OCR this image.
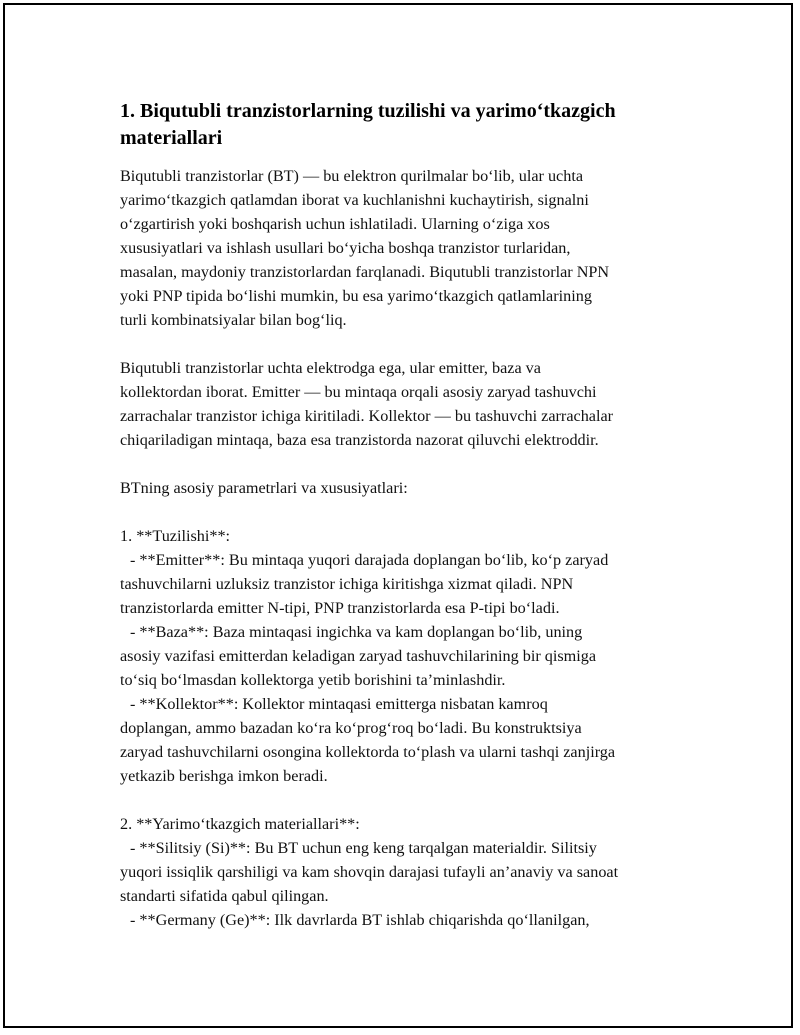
1. Biqutubli tranzistorlarning tuzilishi va yarimo‘tkazgich
materiallari

Biqutubli tranzistorlar (BT) — bu elektron qurilmalar bo‘lib, ular uchta
yarimo‘tkazgich qatlamdan iborat va kuchlanishni kuchaytirish, signalni
o‘zgartirish yoki boshqarish uchun ishlatiladi. Ularning o‘ziga xos
xususiyatlari va ishlash usullari bo‘yicha boshqa tranzistor turlaridan,
masalan, maydoniy tranzistorlardan farqlanadi. Biqutubli tranzistorlar NPN
yoki PNP tipida bo‘lishi mumkin, bu esa yarimo‘tkazgich qatlamlarining
turli kombinatsiyalar bilan bog‘liq.

Biqutubli tranzistorlar uchta elektrodga ega, ular emitter, baza va
kollektordan iborat. Emitter — bu mintaqa orqali asosiy zaryad tashuvchi
zarrachalar tranzistor ichiga kiritiladi. Kollektor — bu tashuvchi zarrachalar
chiqariladigan mintaqa, baza esa tranzistorda nazorat qiluvchi elektroddir.

BTning asosiy parametrlari va xususiyatlari:

1. **Tuzilishi**:
- **Emitter**: Bu mintaqa yuqori darajada doplangan bo‘lib, ko‘p zaryad
tashuvchilarni uzluksiz tranzistor ichiga kiritishga xizmat qiladi. NPN
tranzistorlarda emitter N-tipi, PNP tranzistorlarda esa P-tipi bo‘ladi.
- **Baza**: Baza mintaqasi ingichka va kam doplangan bo‘lib, uning
asosiy vazifasi emitterdan keladigan zaryad tashuvchilarining bir qismiga
to‘siq bo‘lmasdan kollektorga yetib borishini ta’minlashdir.
- **Kollektor**: Kollektor mintaqasi emitterga nisbatan kamroq
doplangan, ammo bazadan ko‘ra ko‘prog‘roq bo‘ladi. Bu konstruktsiya
zaryad tashuvchilarni osongina kollektorda to‘plash va ularni tashqi zanjirga
yetkazib berishga imkon beradi.

2. **Yarimo‘tkazgich materiallari**:
- **Silitsiy (Si)**: Bu BT uchun eng keng tarqalgan materialdir. Silitsiy
yuqori issiqlik qarshiligi va kam shovqin darajasi tufayli an’anaviy va sanoat
standarti sifatida qabul qilingan.
- **Germany (Ge)**: Ilk davrlarda BT ishlab chiqarishda qo‘llanilgan,
